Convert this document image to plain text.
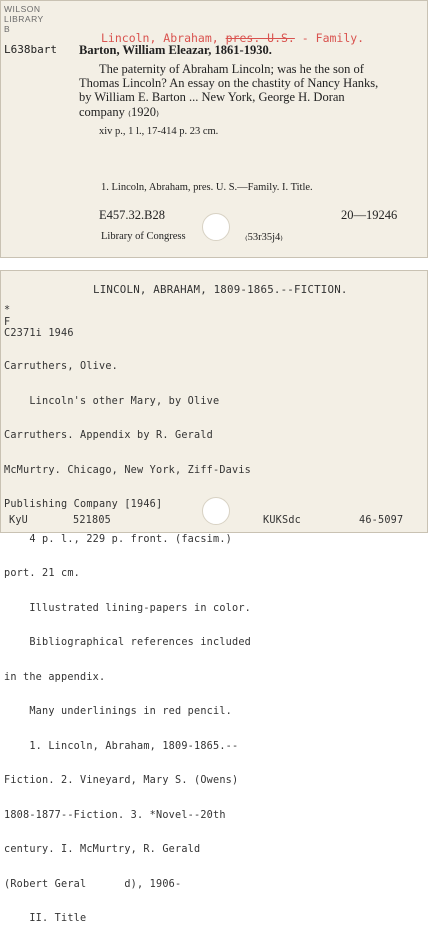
WILSON
LIBRARY
B
Lincoln, Abraham, pres. U.S. - Family.
L638bart Barton, William Eleazar, 1861-1930.
The paternity of Abraham Lincoln; was he the son of
Thomas Lincoln? An essay on the chastity of Nancy Hanks,
by William E. Barton ... New York, George H. Doran
company ₍1920₎
xiv p., 1 l., 17-414 p. 23 cm.
1. Lincoln, Abraham, pres. U. S.—Family. I. Title.
E457.32.B28	20—19246
Library of Congress	₍53r35j4₎
LINCOLN, ABRAHAM, 1809-1865.--FICTION.
*
F
C2371i 1946

Carruthers, Olive.

Lincoln's other Mary, by Olive

Carruthers. Appendix by R. Gerald

McMurtry. Chicago, New York, Ziff-Davis

Publishing Company [1946]

4 p. l., 229 p. front. (facsim.)

port. 21 cm.

Illustrated lining-papers in color.

Bibliographical references included

in the appendix.

Many underlinings in red pencil.

1. Lincoln, Abraham, 1809-1865.--

Fiction. 2. Vineyard, Mary S. (Owens)

1808-1877--Fiction. 3. *Novel--20th

century. I. McMurtry, R. Gerald

(Robert Geral      d), 1906-

II. Title

KyU	521805	KUKSdc	46-5097
